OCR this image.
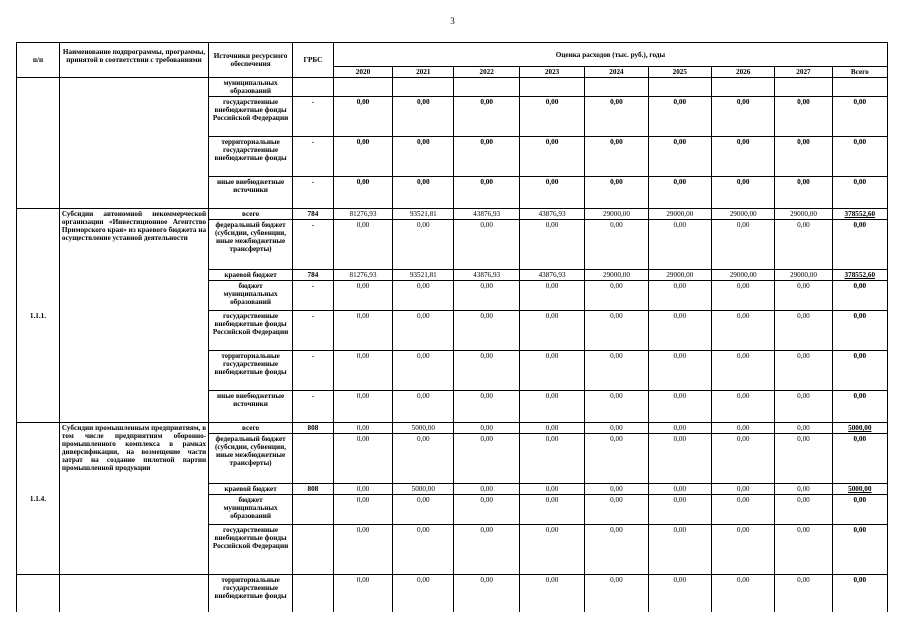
3
п/п	Наименование подпрограммы, программы, принятой в соответствии с требованиями	Источники ресурсного обеспечения	ГРБС	Оценка расходов (тыс. руб.), годы								
				2020	2021	2022	2023	2024	2025	2026	2027	Всего
		муниципальных образований										
		государственные внебюджетные фонды Российской Федерации	-	0,00	0,00	0,00	0,00	0,00	0,00	0,00	0,00	0,00
		территориальные государственные внебюджетные фонды	-	0,00	0,00	0,00	0,00	0,00	0,00	0,00	0,00	0,00
		иные внебюджетные источники	-	0,00	0,00	0,00	0,00	0,00	0,00	0,00	0,00	0,00
1.1.1.	Субсидии автономной некоммерческой организации «Инвестиционное Агентство Приморского края» из краевого бюджета на осуществление уставной деятельности	всего	784	81276,93	93521,81	43876,93	43876,93	29000,00	29000,00	29000,00	29000,00	378552,60
		федеральный бюджет (субсидии, субвенции, иные межбюджетные трансферты)	-	0,00	0,00	0,00	0,00	0,00	0,00	0,00	0,00	0,00
		краевой бюджет	784	81276,93	93521,81	43876,93	43876,93	29000,00	29000,00	29000,00	29000,00	378552,60
		бюджет муниципальных образований	-	0,00	0,00	0,00	0,00	0,00	0,00	0,00	0,00	0,00
		государственные внебюджетные фонды Российской Федерации	-	0,00	0,00	0,00	0,00	0,00	0,00	0,00	0,00	0,00
		территориальные государственные внебюджетные фонды	-	0,00	0,00	0,00	0,00	0,00	0,00	0,00	0,00	0,00
		иные внебюджетные источники	-	0,00	0,00	0,00	0,00	0,00	0,00	0,00	0,00	0,00
1.1.4.	Субсидии промышленным предприятиям, в том числе предприятиям оборонно-промышленного комплекса в рамках диверсификации, на возмещение части затрат на создание пилотной партии промышленной продукции	всего	808	0,00	5000,00	0,00	0,00	0,00	0,00	0,00	0,00	5000,00
		федеральный бюджет (субсидии, субвенции, иные межбюджетные трансферты)		0,00	0,00	0,00	0,00	0,00	0,00	0,00	0,00	0,00
		краевой бюджет	808	0,00	5000,00	0,00	0,00	0,00	0,00	0,00	0,00	5000,00
		бюджет муниципальных образований		0,00	0,00	0,00	0,00	0,00	0,00	0,00	0,00	0,00
		государственные внебюджетные фонды Российской Федерации		0,00	0,00	0,00	0,00	0,00	0,00	0,00	0,00	0,00
		территориальные государственные внебюджетные фонды		0,00	0,00	0,00	0,00	0,00	0,00	0,00	0,00	0,00
